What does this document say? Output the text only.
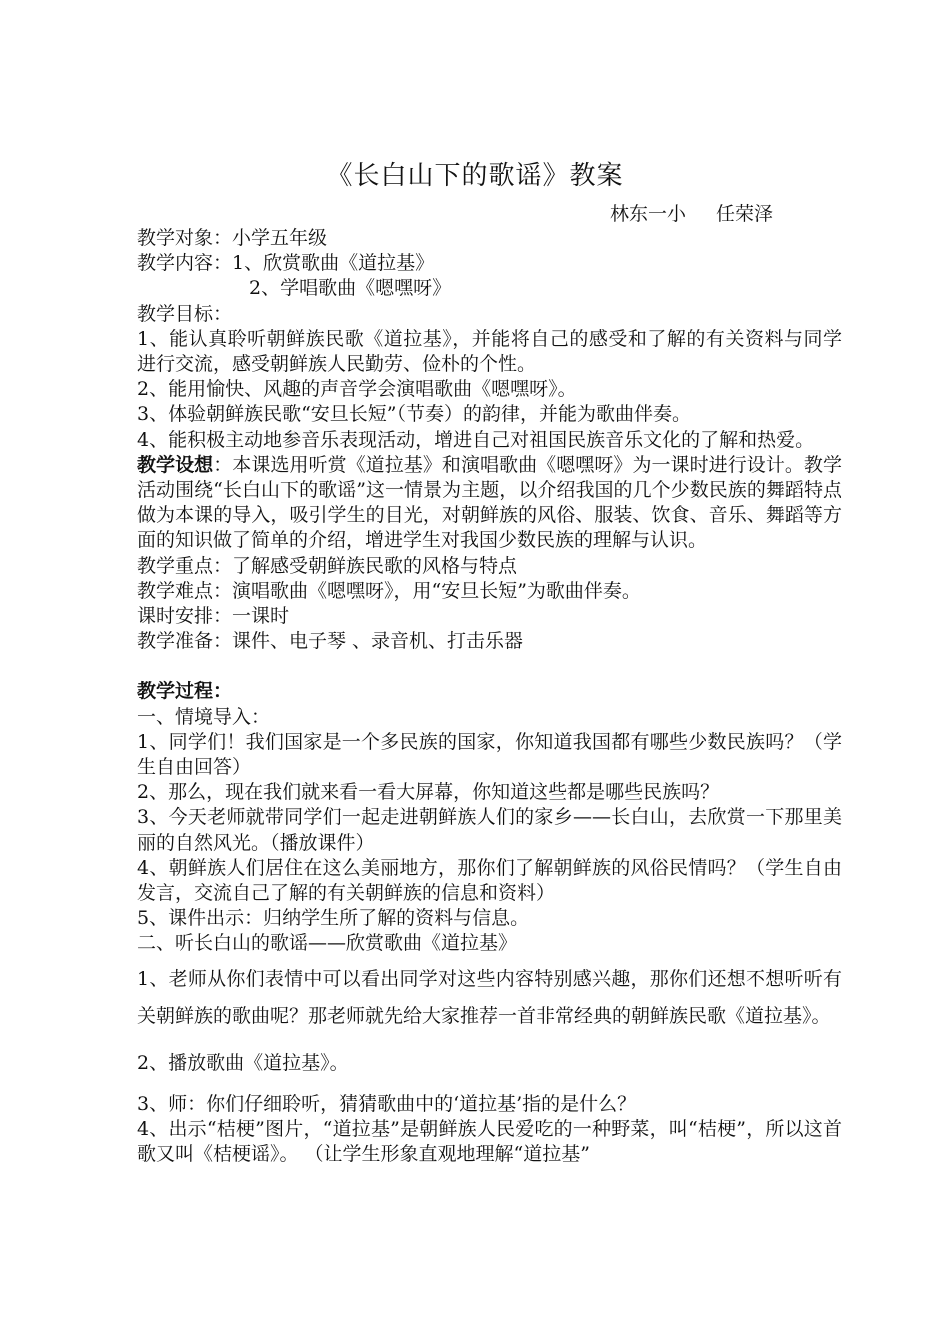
《长白山下的歌谣》教案
林东一小 任荣泽

教学对象：小学五年级

教学内容：1、欣赏歌曲《道拉基》

2、学唱歌曲《嗯嘿呀》

教学目标：

1、能认真聆听朝鲜族民歌《道拉基》，并能将自己的感受和了解的有关资料与同学进行交流，感受朝鲜族人民勤劳、俭朴的个性。

2、能用愉快、风趣的声音学会演唱歌曲《嗯嘿呀》。

3、体验朝鲜族民歌“安旦长短”（节奏）的韵律，并能为歌曲伴奏。

4、能积极主动地参音乐表现活动，增进自己对祖国民族音乐文化的了解和热爱。

教学设想：本课选用听赏《道拉基》和演唱歌曲《嗯嘿呀》为一课时进行设计。教学活动围绕“长白山下的歌谣”这一情景为主题，以介绍我国的几个少数民族的舞蹈特点做为本课的导入，吸引学生的目光，对朝鲜族的风俗、服装、饮食、音乐、舞蹈等方面的知识做了简单的介绍，增进学生对我国少数民族的理解与认识。

教学重点：了解感受朝鲜族民歌的风格与特点

教学难点：演唱歌曲《嗯嘿呀》，用“安旦长短”为歌曲伴奏。

课时安排：一课时

教学准备：课件、电子琴 、录音机、打击乐器

教学过程：

一、情境导入：

1、同学们！我们国家是一个多民族的国家，你知道我国都有哪些少数民族吗？（学生自由回答）

2、那么，现在我们就来看一看大屏幕，你知道这些都是哪些民族吗？

3、今天老师就带同学们一起走进朝鲜族人们的家乡——长白山，去欣赏一下那里美丽的自然风光。（播放课件）

4、朝鲜族人们居住在这么美丽地方，那你们了解朝鲜族的风俗民情吗？（学生自由发言，交流自己了解的有关朝鲜族的信息和资料）

5、课件出示：归纳学生所了解的资料与信息。

二、听长白山的歌谣——欣赏歌曲《道拉基》

1、老师从你们表情中可以看出同学对这些内容特别感兴趣，那你们还想不想听听有关朝鲜族的歌曲呢？那老师就先给大家推荐一首非常经典的朝鲜族民歌《道拉基》。

2、播放歌曲《道拉基》。

3、师：你们仔细聆听，猜猜歌曲中的‘道拉基’指的是什么？

4、出示“桔梗”图片，“道拉基”是朝鲜族人民爱吃的一种野菜，叫“桔梗”，所以这首歌又叫《桔梗谣》。 （让学生形象直观地理解“道拉基”
